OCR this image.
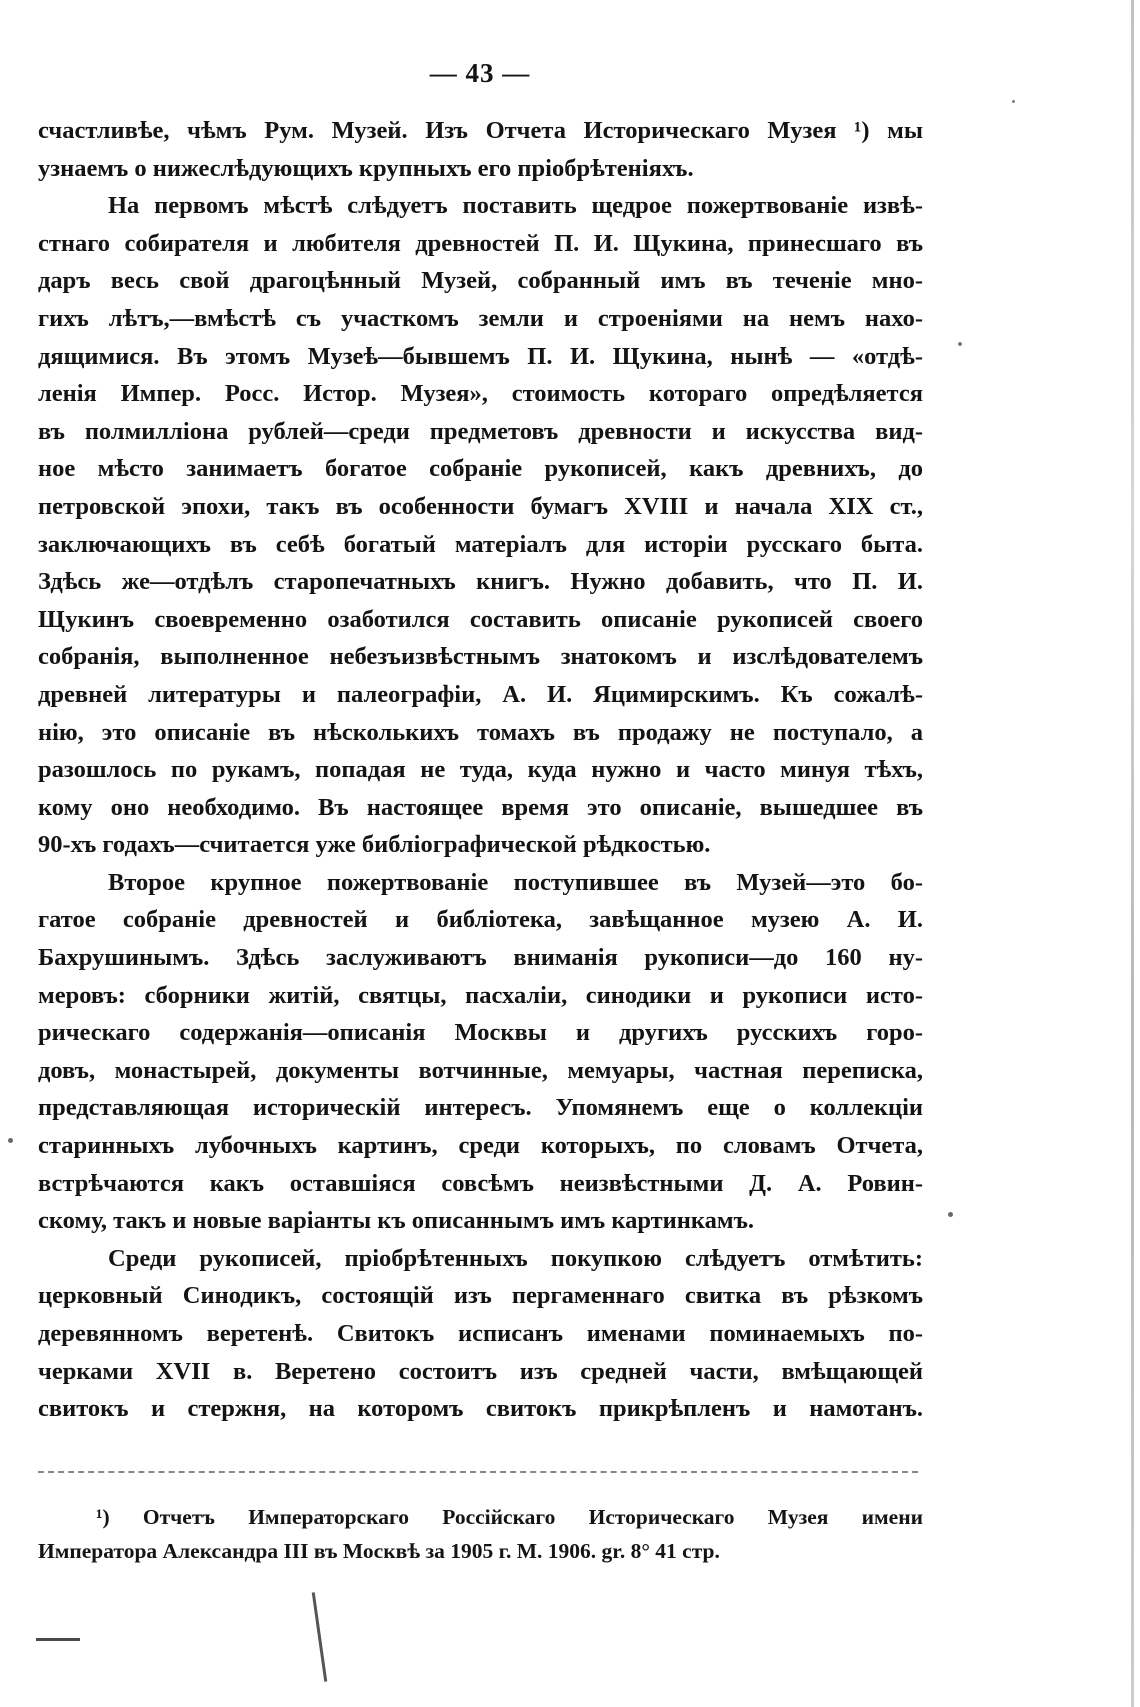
— 43 —
счастливѣе, чѣмъ Рум. Музей. Изъ Отчета Историческаго Музея ¹) мы
узнаемъ о нижеслѣдующихъ крупныхъ его пріобрѣтеніяхъ.
На первомъ мѣстѣ слѣдуетъ поставить щедрое пожертвованіе извѣ-
стнаго собирателя и любителя древностей П. И. Щукина, принесшаго въ
даръ весь свой драгоцѣнный Музей, собранный имъ въ теченіе мно-
гихъ лѣтъ,—вмѣстѣ съ участкомъ земли и строеніями на немъ нахо-
дящимися. Въ этомъ Музеѣ—бывшемъ П. И. Щукина, нынѣ — «отдѣ-
ленія Импер. Росс. Истор. Музея», стоимость котораго опредѣляется
въ полмилліона рублей—среди предметовъ древности и искусства вид-
ное мѣсто занимаетъ богатое собраніе рукописей, какъ древнихъ, до
петровской эпохи, такъ въ особенности бумагъ XVIII и начала XIX ст.,
заключающихъ въ себѣ богатый матеріалъ для исторіи русскаго быта.
Здѣсь же—отдѣлъ старопечатныхъ книгъ. Нужно добавить, что П. И.
Щукинъ своевременно озаботился составить описаніе рукописей своего
собранія, выполненное небезъизвѣстнымъ знатокомъ и изслѣдователемъ
древней литературы и палеографіи, А. И. Яцимирскимъ. Къ сожалѣ-
нію, это описаніе въ нѣсколькихъ томахъ въ продажу не поступало, а
разошлось по рукамъ, попадая не туда, куда нужно и часто минуя тѣхъ,
кому оно необходимо. Въ настоящее время это описаніе, вышедшее въ
90-хъ годахъ—считается уже библіографической рѣдкостью.
Второе крупное пожертвованіе поступившее въ Музей—это бо-
гатое собраніе древностей и библіотека, завѣщанное музею А. И.
Бахрушинымъ. Здѣсь заслуживаютъ вниманія рукописи—до 160 ну-
меровъ: сборники житій, святцы, пасхаліи, синодики и рукописи исто-
рическаго содержанія—описанія Москвы и другихъ русскихъ горо-
довъ, монастырей, документы вотчинные, мемуары, частная переписка,
представляющая историческій интересъ. Упомянемъ еще о коллекціи
старинныхъ лубочныхъ картинъ, среди которыхъ, по словамъ Отчета,
встрѣчаются какъ оставшіяся совсѣмъ неизвѣстными Д. А. Ровин-
скому, такъ и новые варіанты къ описаннымъ имъ картинкамъ.
Среди рукописей, пріобрѣтенныхъ покупкою слѣдуетъ отмѣтить:
церковный Синодикъ, состоящій изъ пергаменнаго свитка въ рѣзкомъ
деревянномъ веретенѣ. Свитокъ исписанъ именами поминаемыхъ по-
черками XVII в. Веретено состоитъ изъ средней части, вмѣщающей
свитокъ и стержня, на которомъ свитокъ прикрѣпленъ и намотанъ.
¹) Отчетъ Императорскаго Россійскаго Историческаго Музея имени
Императора Александра III въ Москвѣ за 1905 г. М. 1906. gr. 8° 41 стр.
